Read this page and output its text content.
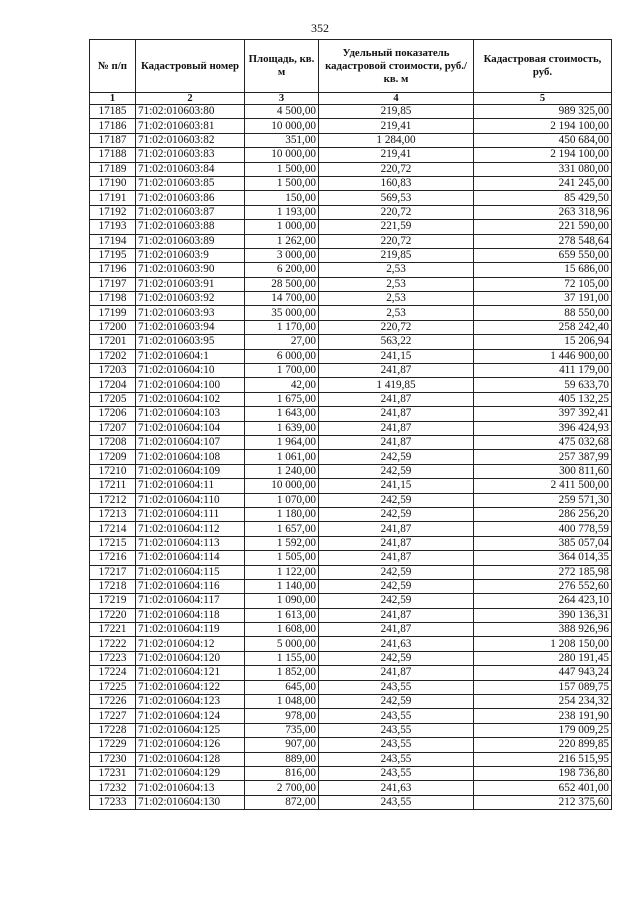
352
№ п/п	Кадастровый номер	Площадь, кв. м	Удельный показатель кадастровой стоимости, руб./кв. м	Кадастровая стоимость, руб.
1	2	3	4	5
17185	71:02:010603:80	4 500,00	219,85	989 325,00
17186	71:02:010603:81	10 000,00	219,41	2 194 100,00
17187	71:02:010603:82	351,00	1 284,00	450 684,00
17188	71:02:010603:83	10 000,00	219,41	2 194 100,00
17189	71:02:010603:84	1 500,00	220,72	331 080,00
17190	71:02:010603:85	1 500,00	160,83	241 245,00
17191	71:02:010603:86	150,00	569,53	85 429,50
17192	71:02:010603:87	1 193,00	220,72	263 318,96
17193	71:02:010603:88	1 000,00	221,59	221 590,00
17194	71:02:010603:89	1 262,00	220,72	278 548,64
17195	71:02:010603:9	3 000,00	219,85	659 550,00
17196	71:02:010603:90	6 200,00	2,53	15 686,00
17197	71:02:010603:91	28 500,00	2,53	72 105,00
17198	71:02:010603:92	14 700,00	2,53	37 191,00
17199	71:02:010603:93	35 000,00	2,53	88 550,00
17200	71:02:010603:94	1 170,00	220,72	258 242,40
17201	71:02:010603:95	27,00	563,22	15 206,94
17202	71:02:010604:1	6 000,00	241,15	1 446 900,00
17203	71:02:010604:10	1 700,00	241,87	411 179,00
17204	71:02:010604:100	42,00	1 419,85	59 633,70
17205	71:02:010604:102	1 675,00	241,87	405 132,25
17206	71:02:010604:103	1 643,00	241,87	397 392,41
17207	71:02:010604:104	1 639,00	241,87	396 424,93
17208	71:02:010604:107	1 964,00	241,87	475 032,68
17209	71:02:010604:108	1 061,00	242,59	257 387,99
17210	71:02:010604:109	1 240,00	242,59	300 811,60
17211	71:02:010604:11	10 000,00	241,15	2 411 500,00
17212	71:02:010604:110	1 070,00	242,59	259 571,30
17213	71:02:010604:111	1 180,00	242,59	286 256,20
17214	71:02:010604:112	1 657,00	241,87	400 778,59
17215	71:02:010604:113	1 592,00	241,87	385 057,04
17216	71:02:010604:114	1 505,00	241,87	364 014,35
17217	71:02:010604:115	1 122,00	242,59	272 185,98
17218	71:02:010604:116	1 140,00	242,59	276 552,60
17219	71:02:010604:117	1 090,00	242,59	264 423,10
17220	71:02:010604:118	1 613,00	241,87	390 136,31
17221	71:02:010604:119	1 608,00	241,87	388 926,96
17222	71:02:010604:12	5 000,00	241,63	1 208 150,00
17223	71:02:010604:120	1 155,00	242,59	280 191,45
17224	71:02:010604:121	1 852,00	241,87	447 943,24
17225	71:02:010604:122	645,00	243,55	157 089,75
17226	71:02:010604:123	1 048,00	242,59	254 234,32
17227	71:02:010604:124	978,00	243,55	238 191,90
17228	71:02:010604:125	735,00	243,55	179 009,25
17229	71:02:010604:126	907,00	243,55	220 899,85
17230	71:02:010604:128	889,00	243,55	216 515,95
17231	71:02:010604:129	816,00	243,55	198 736,80
17232	71:02:010604:13	2 700,00	241,63	652 401,00
17233	71:02:010604:130	872,00	243,55	212 375,60
